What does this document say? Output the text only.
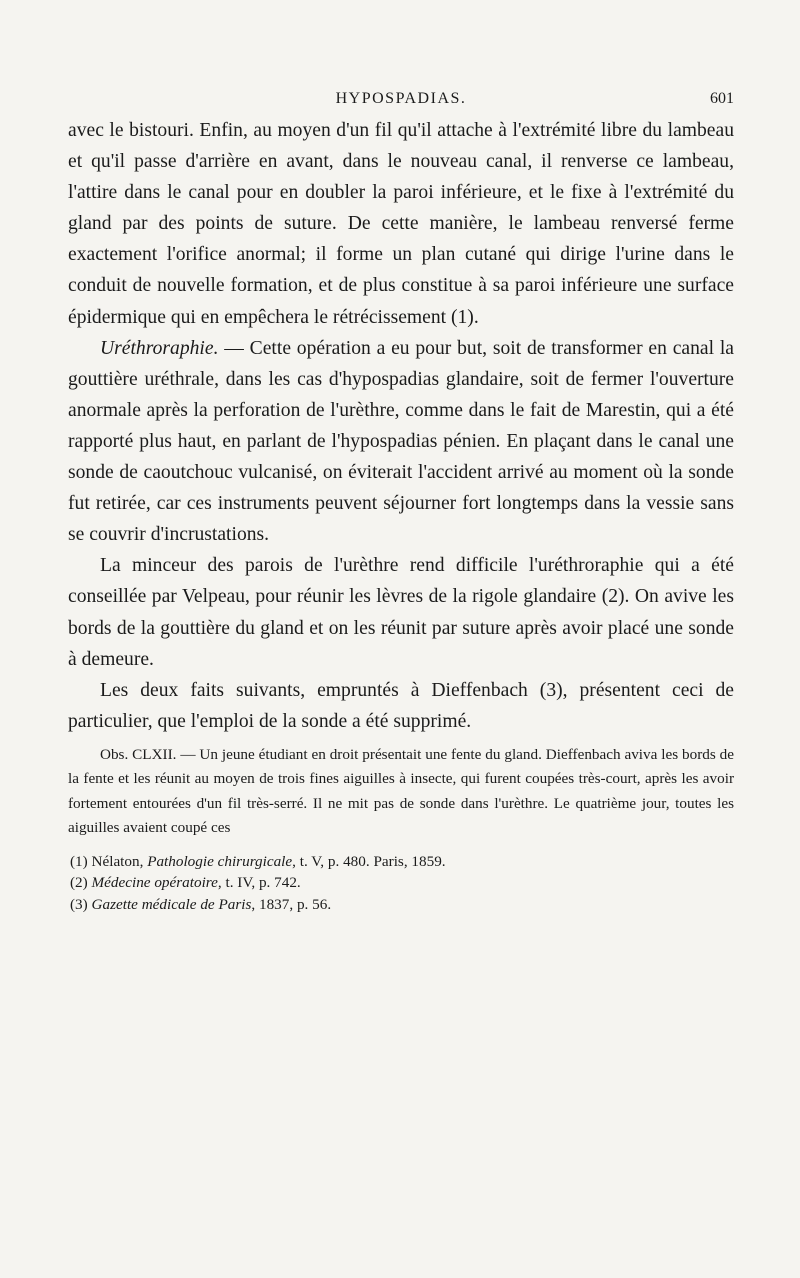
HYPOSPADIAS.	601

avec le bistouri. Enfin, au moyen d'un fil qu'il attache à l'extrémité libre du lambeau et qu'il passe d'arrière en avant, dans le nouveau canal, il renverse ce lambeau, l'attire dans le canal pour en doubler la paroi inférieure, et le fixe à l'extrémité du gland par des points de suture. De cette manière, le lambeau renversé ferme exactement l'orifice anormal; il forme un plan cutané qui dirige l'urine dans le conduit de nouvelle formation, et de plus constitue à sa paroi inférieure une surface épidermique qui en empêchera le rétrécissement (1).

Uréthroraphie. — Cette opération a eu pour but, soit de transformer en canal la gouttière uréthrale, dans les cas d'hypospadias glandaire, soit de fermer l'ouverture anormale après la perforation de l'urèthre, comme dans le fait de Marestin, qui a été rapporté plus haut, en parlant de l'hypospadias pénien. En plaçant dans le canal une sonde de caoutchouc vulcanisé, on éviterait l'accident arrivé au moment où la sonde fut retirée, car ces instruments peuvent séjourner fort longtemps dans la vessie sans se couvrir d'incrustations.

La minceur des parois de l'urèthre rend difficile l'uréthroraphie qui a été conseillée par Velpeau, pour réunir les lèvres de la rigole glandaire (2). On avive les bords de la gouttière du gland et on les réunit par suture après avoir placé une sonde à demeure.

Les deux faits suivants, empruntés à Dieffenbach (3), présentent ceci de particulier, que l'emploi de la sonde a été supprimé.

Obs. CLXII. — Un jeune étudiant en droit présentait une fente du gland. Dieffenbach aviva les bords de la fente et les réunit au moyen de trois fines aiguilles à insecte, qui furent coupées très-court, après les avoir fortement entourées d'un fil très-serré. Il ne mit pas de sonde dans l'urèthre. Le quatrième jour, toutes les aiguilles avaient coupé ces

(1) Nélaton, Pathologie chirurgicale, t. V, p. 480. Paris, 1859.

(2) Médecine opératoire, t. IV, p. 742.

(3) Gazette médicale de Paris, 1837, p. 56.
